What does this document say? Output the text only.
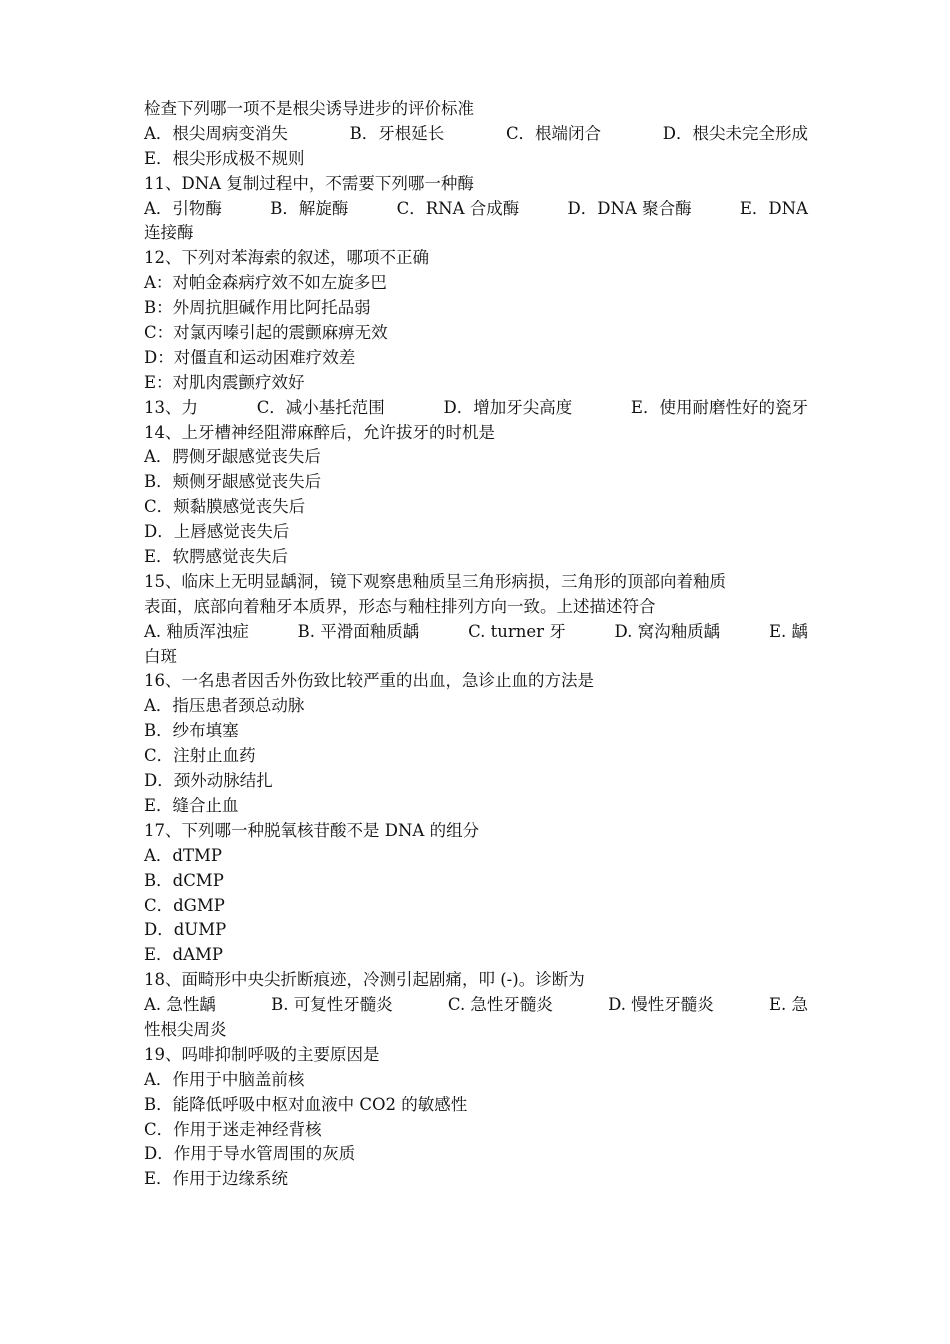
检查下列哪一项不是根尖诱导进步的评价标准
A．根尖周病变消失	B．牙根延长	C．根端闭合	D．根尖未完全形成
E．根尖形成极不规则
11、DNA 复制过程中，不需要下列哪一种酶
A．引物酶	B．解旋酶	C．RNA 合成酶	D．DNA 聚合酶	E．DNA
连接酶
12、下列对苯海索的叙述，哪项不正确
A：对帕金森病疗效不如左旋多巴
B：外周抗胆碱作用比阿托品弱
C：对氯丙嗪引起的震颤麻痹无效
D：对僵直和运动困难疗效差
E：对肌肉震颤疗效好
13、力	C．减小基托范围	D．增加牙尖高度	E．使用耐磨性好的瓷牙
14、上牙槽神经阻滞麻醉后，允许拔牙的时机是
A．腭侧牙龈感觉丧失后
B．颊侧牙龈感觉丧失后
C．颊黏膜感觉丧失后
D．上唇感觉丧失后
E．软腭感觉丧失后
15、临床上无明显龋洞，镜下观察患釉质呈三角形病损，三角形的顶部向着釉质
表面，底部向着釉牙本质界，形态与釉柱排列方向一致。上述描述符合
A. 釉质浑浊症	B. 平滑面釉质龋	C. turner 牙	D. 窝沟釉质龋	E. 龋
白斑
16、一名患者因舌外伤致比较严重的出血，急诊止血的方法是
A．指压患者颈总动脉
B．纱布填塞
C．注射止血药
D．颈外动脉结扎
E．缝合止血
17、下列哪一种脱氧核苷酸不是 DNA 的组分
A．dTMP
B．dCMP
C．dGMP
D．dUMP
E．dAMP
18、面畸形中央尖折断痕迹，冷测引起剧痛，叩 (-)。诊断为
A. 急性龋	B. 可复性牙髓炎	C. 急性牙髓炎	D. 慢性牙髓炎	E. 急
性根尖周炎
19、吗啡抑制呼吸的主要原因是
A．作用于中脑盖前核
B．能降低呼吸中枢对血液中 CO2 的敏感性
C．作用于迷走神经背核
D．作用于导水管周围的灰质
E．作用于边缘系统
